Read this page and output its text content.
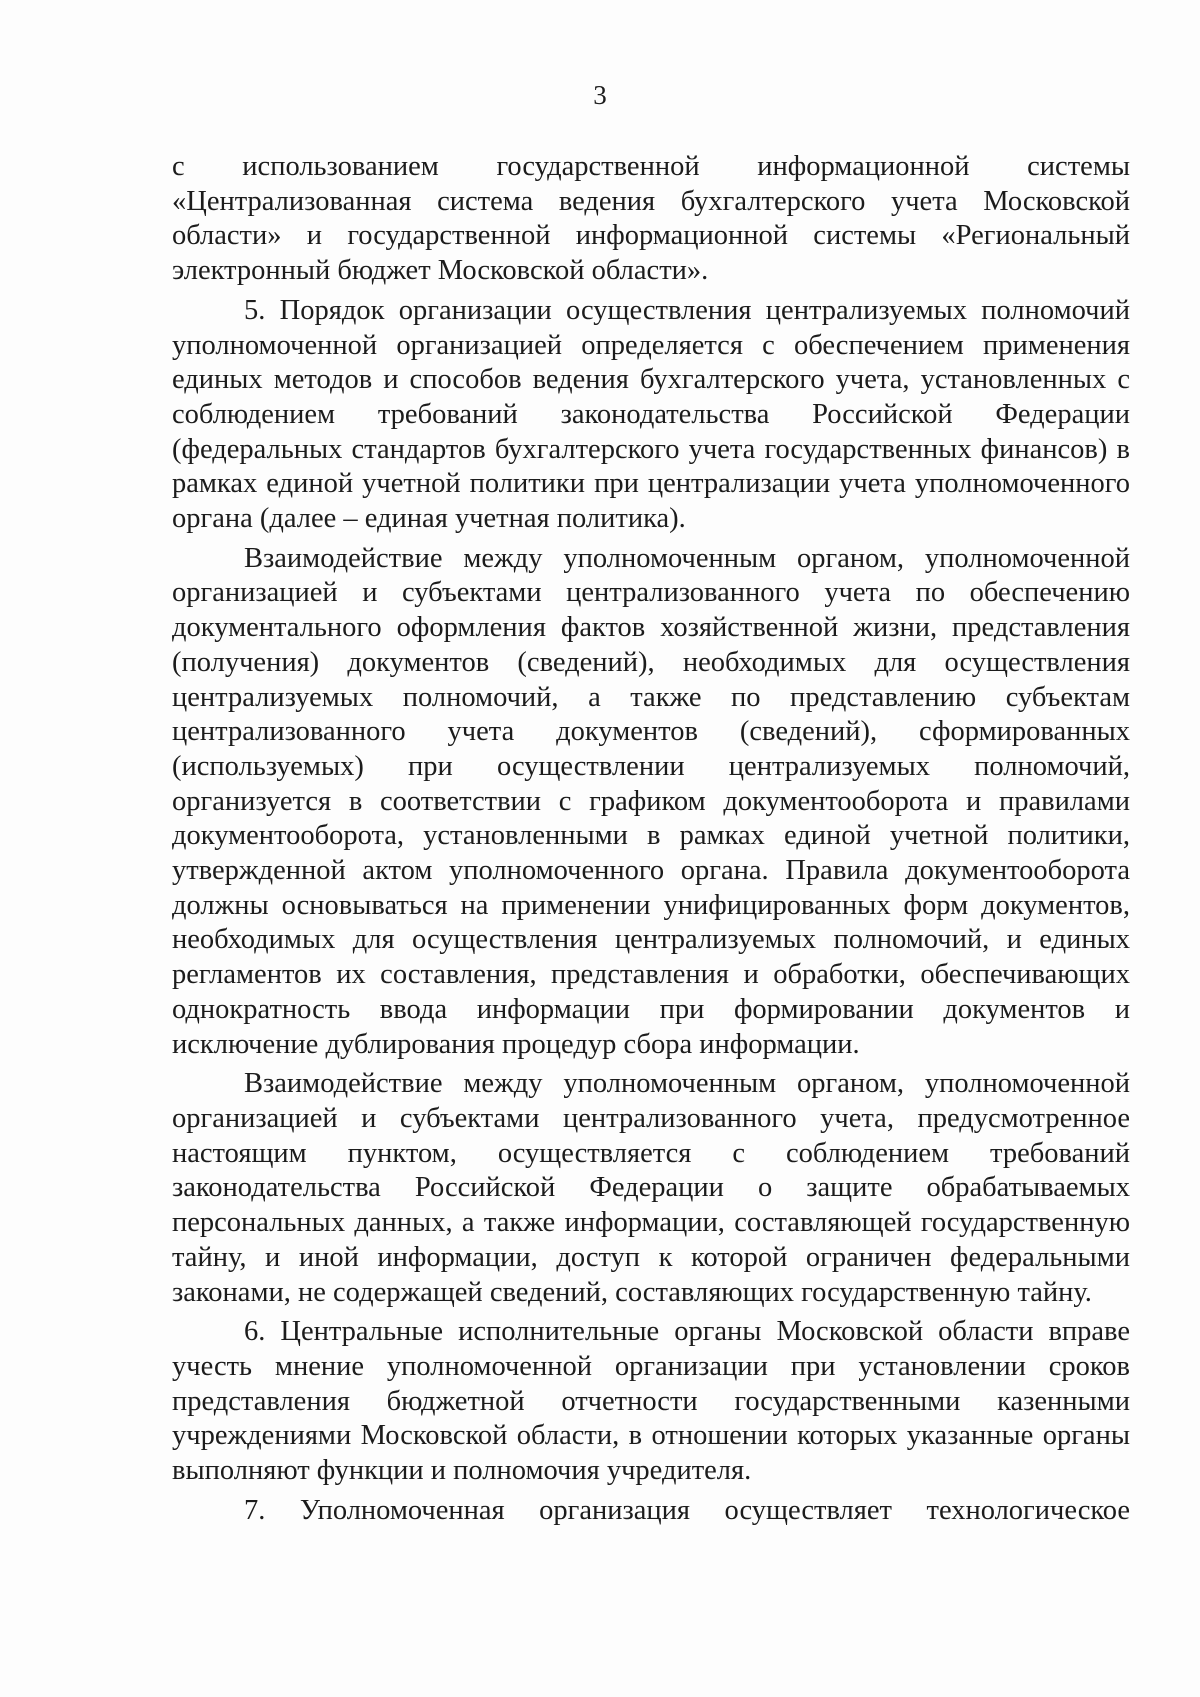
3

с использованием государственной информационной системы «Централизованная система ведения бухгалтерского учета Московской области» и государственной информационной системы «Региональный электронный бюджет Московской области».

5. Порядок организации осуществления централизуемых полномочий уполномоченной организацией определяется с обеспечением применения единых методов и способов ведения бухгалтерского учета, установленных с соблюдением требований законодательства Российской Федерации (федеральных стандартов бухгалтерского учета государственных финансов) в рамках единой учетной политики при централизации учета уполномоченного органа (далее – единая учетная политика).

Взаимодействие между уполномоченным органом, уполномоченной организацией и субъектами централизованного учета по обеспечению документального оформления фактов хозяйственной жизни, представления (получения) документов (сведений), необходимых для осуществления централизуемых полномочий, а также по представлению субъектам централизованного учета документов (сведений), сформированных (используемых) при осуществлении централизуемых полномочий, организуется в соответствии с графиком документооборота и правилами документооборота, установленными в рамках единой учетной политики, утвержденной актом уполномоченного органа. Правила документооборота должны основываться на применении унифицированных форм документов, необходимых для осуществления централизуемых полномочий, и единых регламентов их составления, представления и обработки, обеспечивающих однократность ввода информации при формировании документов и исключение дублирования процедур сбора информации.

Взаимодействие между уполномоченным органом, уполномоченной организацией и субъектами централизованного учета, предусмотренное настоящим пунктом, осуществляется с соблюдением требований законодательства Российской Федерации о защите обрабатываемых персональных данных, а также информации, составляющей государственную тайну, и иной информации, доступ к которой ограничен федеральными законами, не содержащей сведений, составляющих государственную тайну.

6. Центральные исполнительные органы Московской области вправе учесть мнение уполномоченной организации при установлении сроков представления бюджетной отчетности государственными казенными учреждениями Московской области, в отношении которых указанные органы выполняют функции и полномочия учредителя.

7. Уполномоченная организация осуществляет технологическое
